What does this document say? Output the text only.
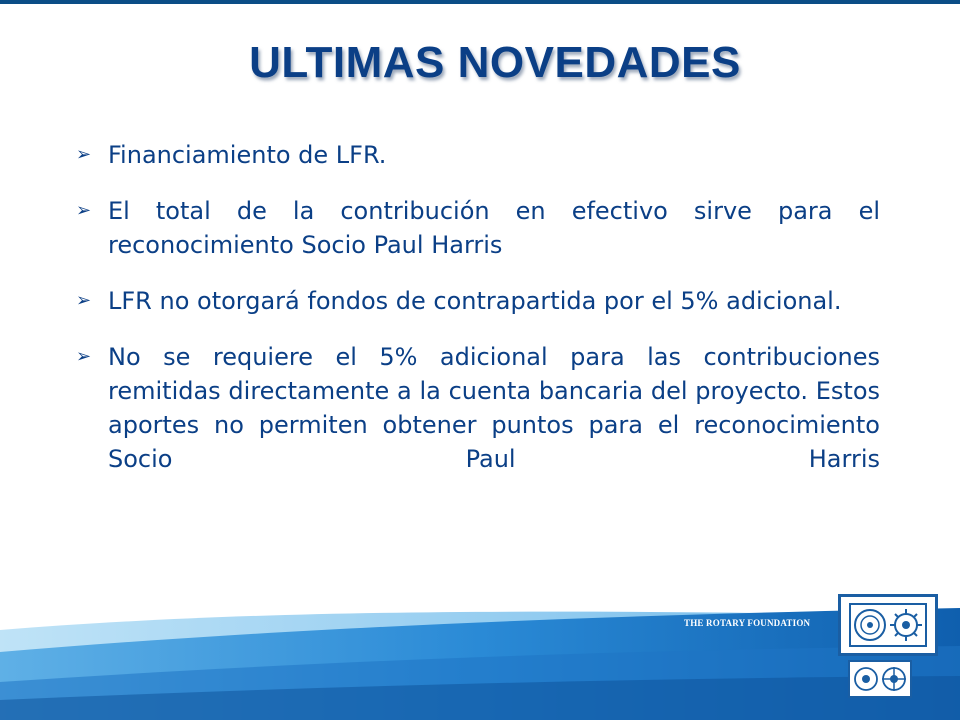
ULTIMAS NOVEDADES
➢ Financiamiento de LFR.
➢ El total de la contribución en efectivo sirve para el reconocimiento Socio Paul Harris
➢ LFR no otorgará fondos de contrapartida por el 5% adicional.
➢ No se requiere el 5% adicional para las contribuciones remitidas directamente a la cuenta bancaria del proyecto. Estos aportes no permiten obtener puntos para el reconocimiento Socio Paul Harris
THE ROTARY FOUNDATION
